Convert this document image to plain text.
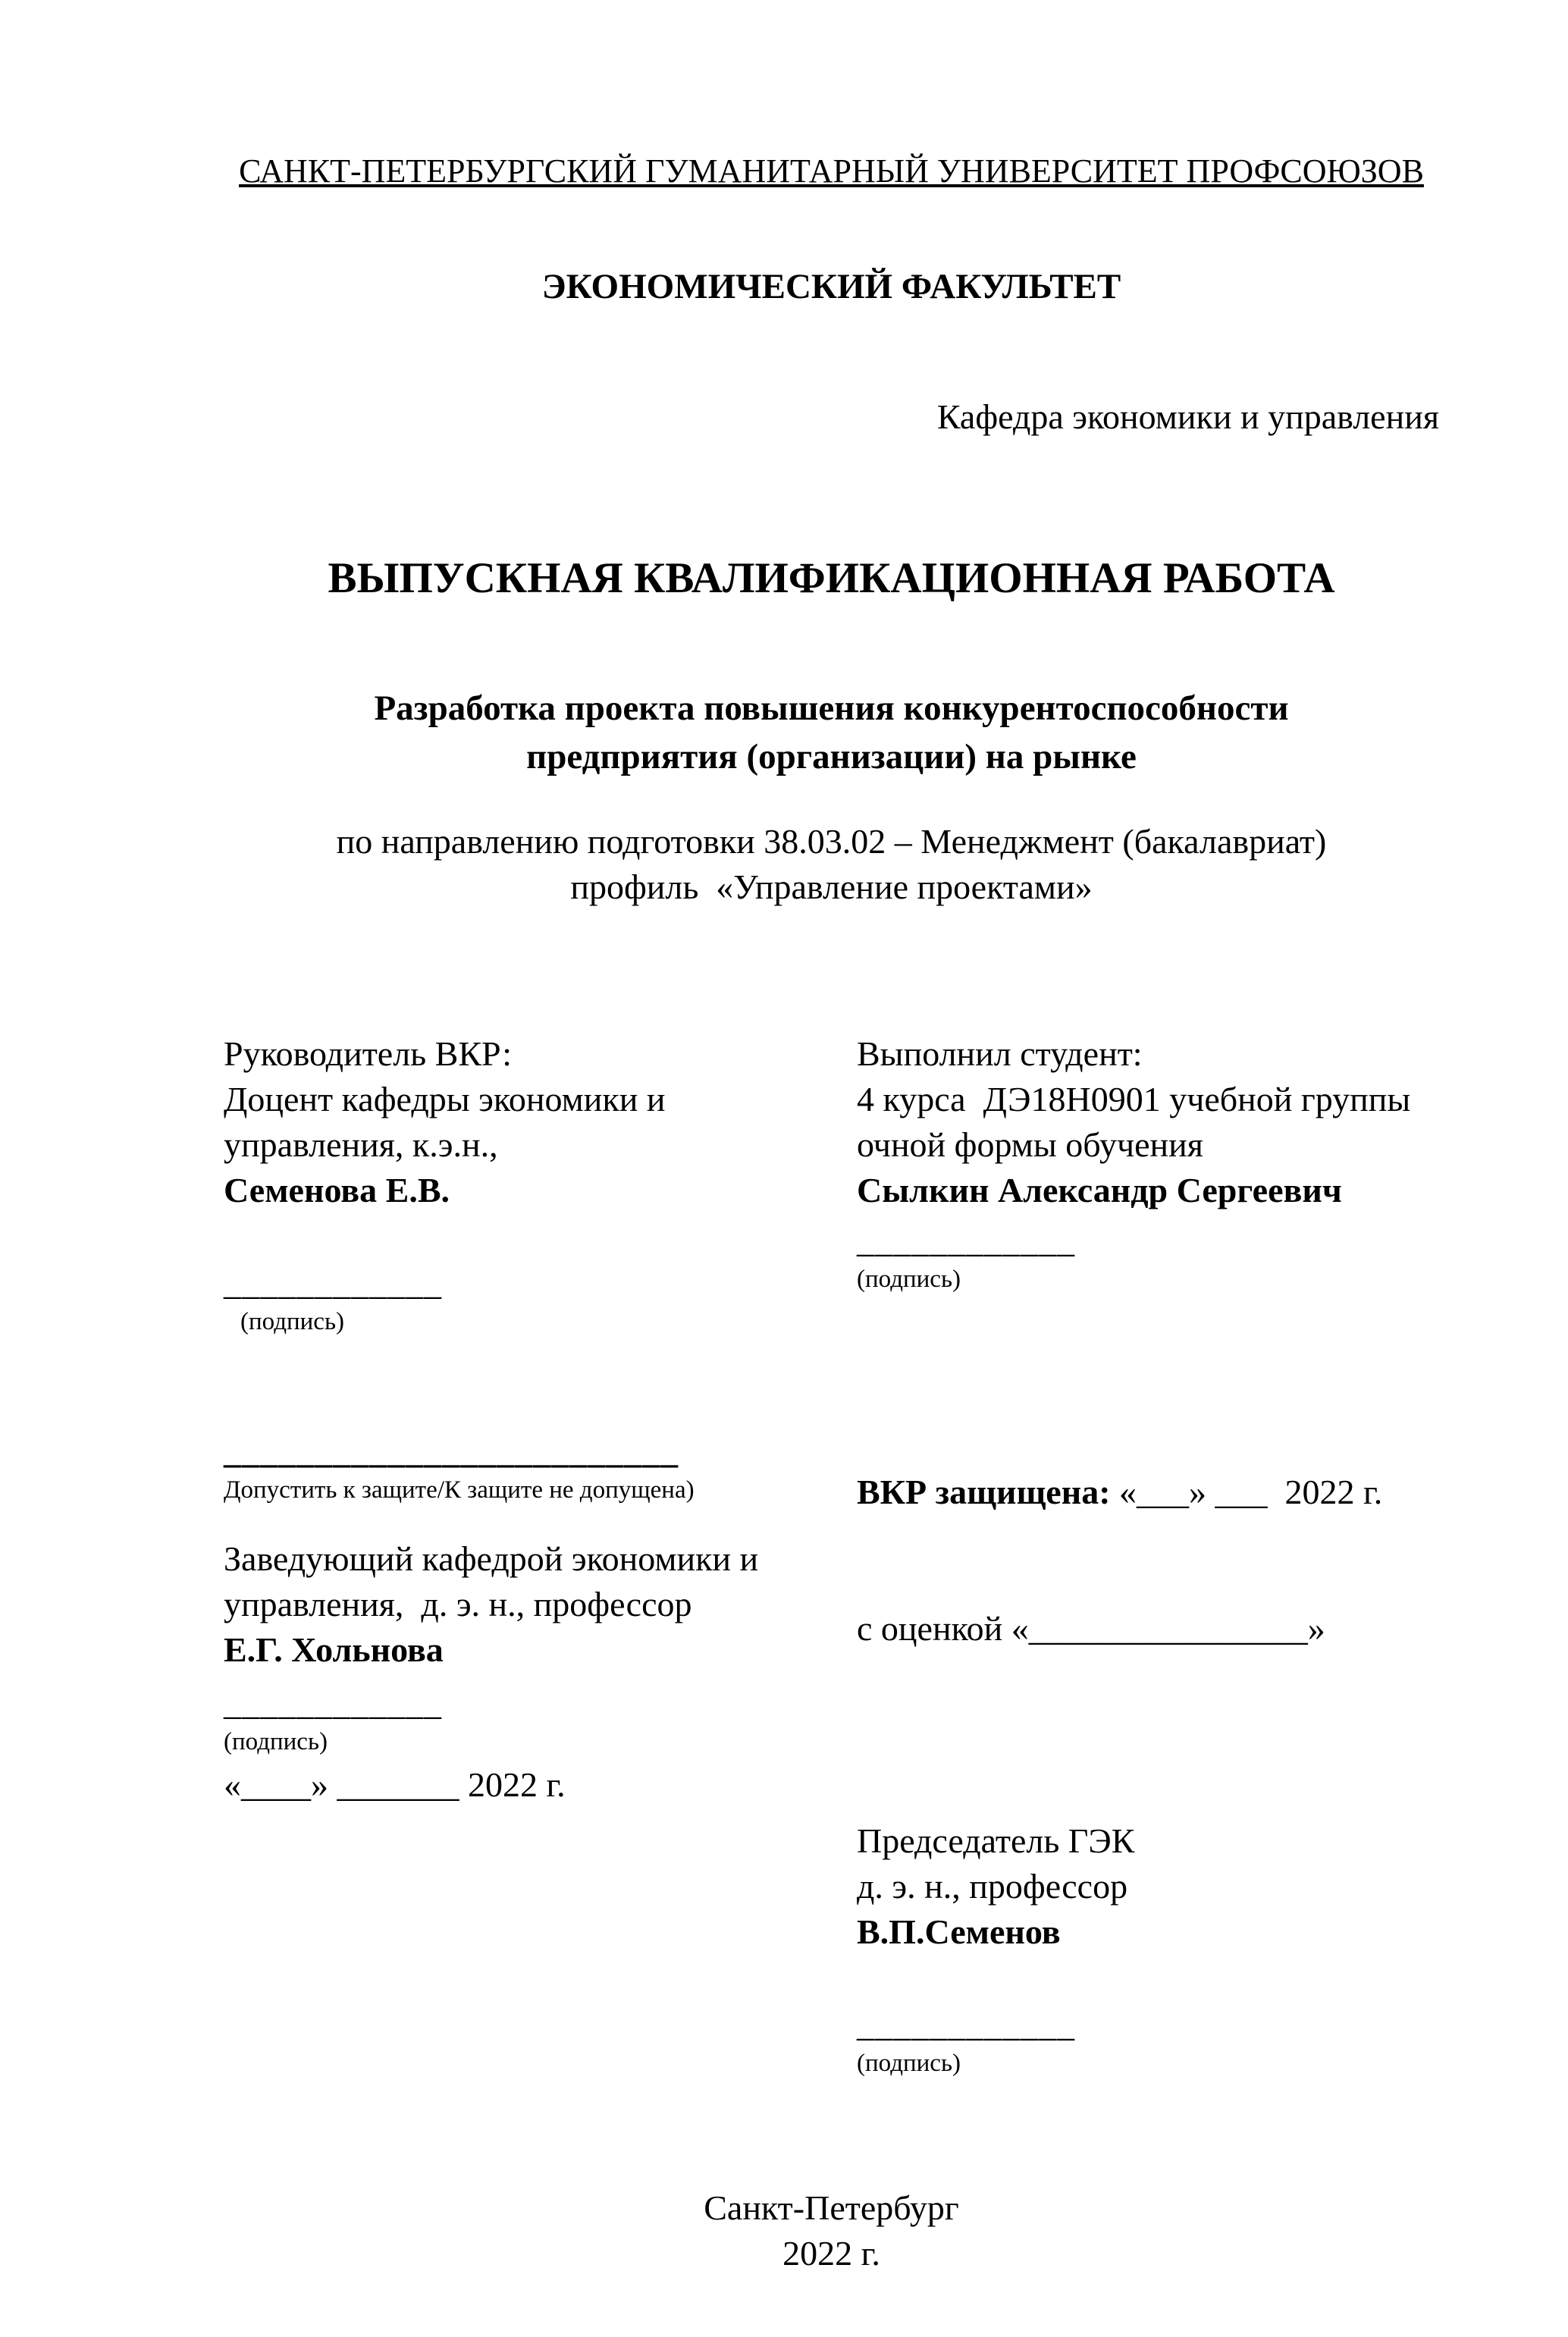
САНКТ-ПЕТЕРБУРГСКИЙ ГУМАНИТАРНЫЙ УНИВЕРСИТЕТ ПРОФСОЮЗОВ
ЭКОНОМИЧЕСКИЙ ФАКУЛЬТЕТ
Кафедра экономики и управления
ВЫПУСКНАЯ КВАЛИФИКАЦИОННАЯ РАБОТА
Разработка проекта повышения конкурентоспособности
предприятия (организации) на рынке
по направлению подготовки 38.03.02 – Менеджмент (бакалавриат)
профиль  «Управление проектами»
Руководитель ВКР:
Доцент кафедры экономики и
управления, к.э.н.,
Семенова Е.В.
____________
(подпись)
_________________________
Допустить к защите/К защите не допущена)
Заведующий кафедрой экономики и
управления,  д. э. н., профессор
Е.Г. Хольнова
____________
(подпись)
«____» _______ 2022 г.
Выполнил студент:
4 курса  ДЭ18Н0901 учебной группы
очной формы обучения
Сылкин Александр Сергеевич
____________
(подпись)

ВКР защищена: «___» ___  2022 г.

с оценкой «________________»

Председатель ГЭК
д. э. н., профессор
В.П.Семенов
____________
(подпись)
Санкт-Петербург
2022 г.
